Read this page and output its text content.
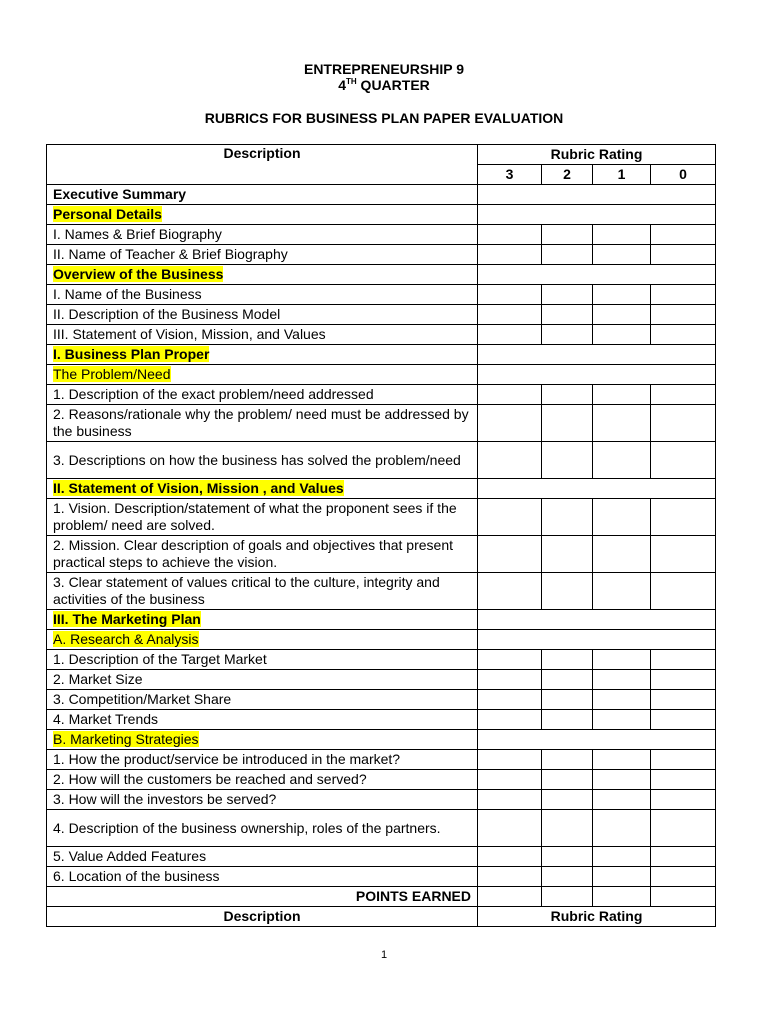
ENTREPRENEURSHIP 9
4TH QUARTER
RUBRICS FOR BUSINESS PLAN PAPER EVALUATION
Description	Rubric Rating			
	3	2	1	0
Executive Summary				
Personal Details				
I. Names & Brief Biography				
II. Name of Teacher & Brief Biography				
Overview of the Business				
I. Name of the Business				
II. Description of the Business Model				
III. Statement of Vision, Mission, and Values				
I. Business Plan Proper				
The Problem/Need				
1. Description of the exact problem/need addressed				
2. Reasons/rationale why the problem/ need must be addressed by the business				
3. Descriptions on how the business has solved the problem/need				
II. Statement of Vision, Mission , and Values				
1. Vision. Description/statement of what the proponent sees if the problem/ need are solved.				
2. Mission. Clear description of goals and objectives that present practical steps to achieve the vision.				
3. Clear statement of values critical to the culture, integrity and activities of the business				
III. The Marketing Plan				
A. Research & Analysis				
1. Description of the Target Market				
2. Market Size				
3. Competition/Market Share				
4. Market Trends				
B. Marketing Strategies				
1. How the product/service be introduced in the market?				
2. How will the customers be reached and served?				
3. How will the investors be served?				
4. Description of the business ownership, roles of the partners.				
5. Value Added Features				
6. Location of the business				
POINTS EARNED				
Description	Rubric Rating			
1
